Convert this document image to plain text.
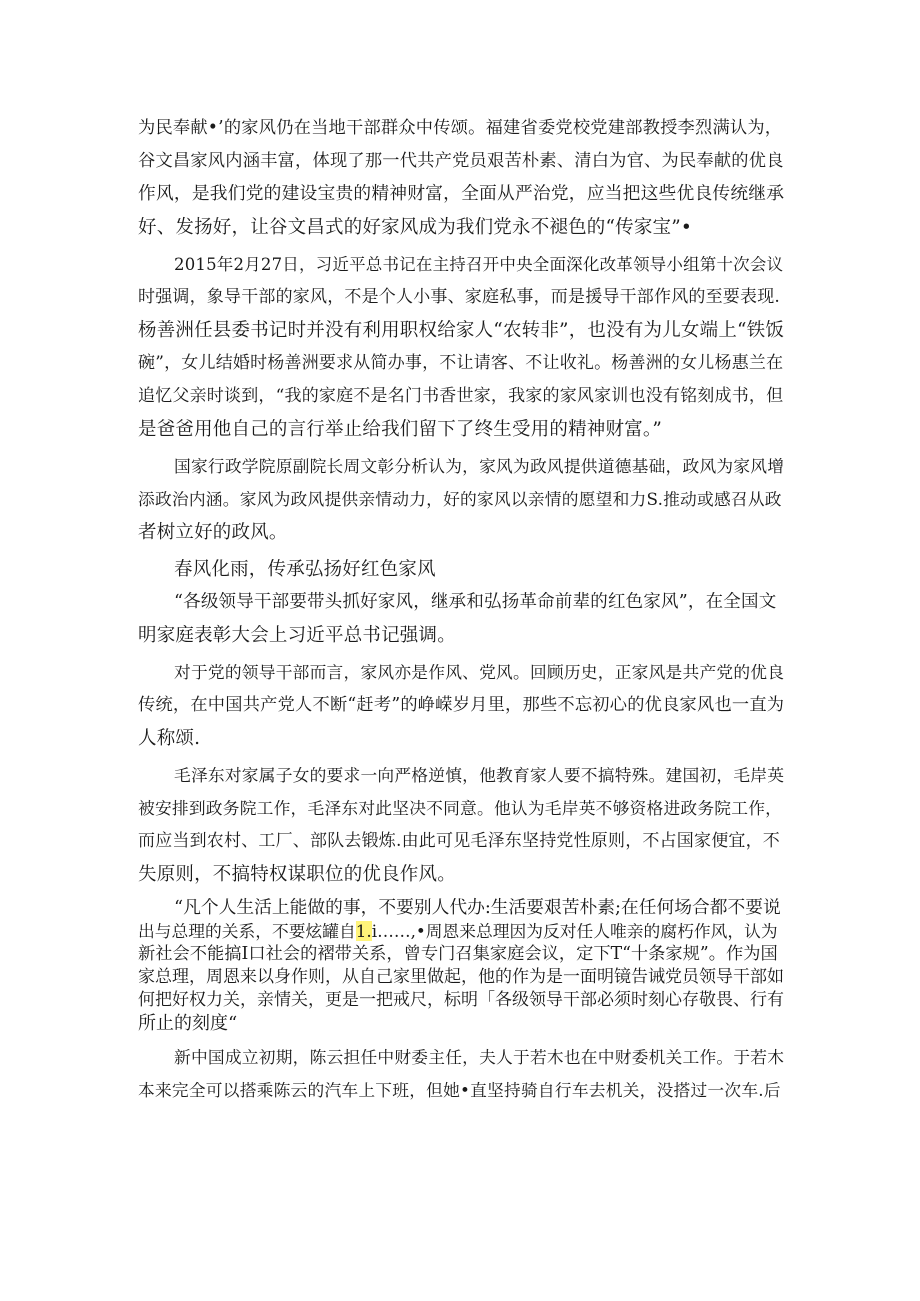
为民奉献•’的家风仍在当地干部群众中传颂。福建省委党校党建部教授李烈满认为，

谷文昌家风内涵丰富，体现了那一代共产党员艰苦朴素、清白为官、为民奉献的优良

作风，是我们党的建设宝贵的精神财富，全面从严治党，应当把这些优良传统继承

好、发扬好，让谷文昌式的好家风成为我们党永不褪色的“传家宝”•

2015年2月27日，习近平总书记在主持召开中央全面深化改革领导小组第十次会议

时强调，象导干部的家风，不是个人小事、家庭私事，而是援导干部作风的至要表现.

杨善洲任县委书记时并没有利用职权给家人“农转非”，也没有为儿女端上“铁饭

碗”，女儿结婚时杨善洲要求从简办事，不让请客、不让收礼。杨善洲的女儿杨惠兰在

追忆父亲时谈到，“我的家庭不是名门书香世家，我家的家风家训也没有铭刻成书，但

是爸爸用他自己的言行举止给我们留下了终生受用的精神财富。”

国家行政学院原副院长周文彰分析认为，家风为政风提供道德基础，政风为家风增

添政治内涵。家风为政风提供亲情动力，好的家风以亲情的愿望和力S.推动或感召从政

者树立好的政风。

春风化雨，传承弘扬好红色家风

“各级领导干部要带头抓好家风，继承和弘扬革命前辈的红色家风”，在全国文

明家庭表彰大会上习近平总书记强调。

对于党的领导干部而言，家风亦是作风、党风。回顾历史，正家风是共产党的优良

传统，在中国共产党人不断“赶考”的峥嵘岁月里，那些不忘初心的优良家风也一直为

人称颂.

毛泽东对家属子女的要求一向严格逆慎，他教育家人要不搞特殊。建国初，毛岸英

被安排到政务院工作，毛泽东对此坚决不同意。他认为毛岸英不够资格进政务院工作，

而应当到农村、工厂、部队去锻炼.由此可见毛泽东坚持党性原则，不占国家便宜，不

失原则，不搞特权谋职位的优良作风。

“凡个人生活上能做的事，不要别人代办:生活要艰苦朴素;在任何场合都不要说

出与总理的关系，不要炫罐自1.i……,•周恩来总理因为反对任人唯亲的腐朽作风，认为

新社会不能搞I口社会的褶带关系，曾专门召集家庭会议，定下T“十条家规”。作为国

家总理，周恩来以身作则，从自己家里做起，他的作为是一面明镜告诫党员领导干部如

何把好权力关，亲情关，更是一把戒尺，标明「各级领导干部必须时刻心存敬畏、行有

所止的刻度“

新中国成立初期，陈云担任中财委主任，夫人于若木也在中财委机关工作。于若木

本来完全可以搭乘陈云的汽车上下班，但她•直坚持骑自行车去机关，没搭过一次车.后
